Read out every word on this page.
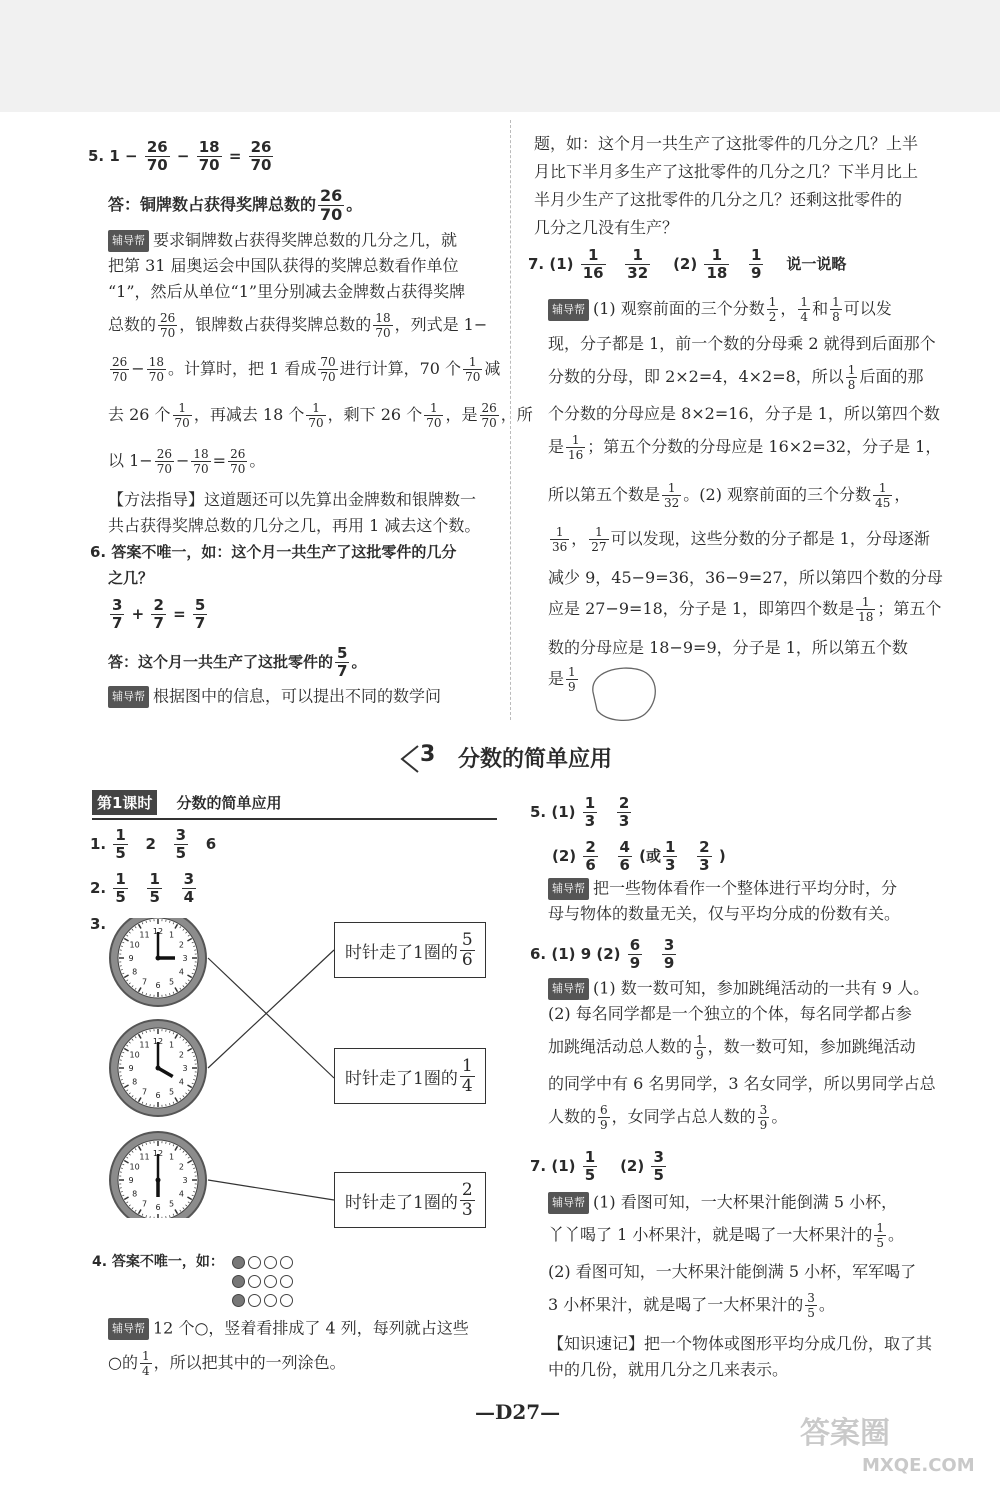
5. $1 - \frac{26}{70} - \frac{18}{70} = \frac{26}{70}$
答：铜牌数占获得奖牌总数的 $\frac{26}{70}$ 。
辅导帮 要求铜牌数占获得奖牌总数的几分之几，就
把第 31 届奥运会中国队获得的奖牌总数看作单位
“1”，然后从单位“1”里分别减去金牌数占获得奖牌
总数的 $\frac{26}{70}$ ，银牌数占获得奖牌总数的 $\frac{18}{70}$ ，列式是 1−
$\frac{26}{70} - \frac{18}{70}$ 。计算时，把 1 看成 $\frac{70}{70}$ 进行计算，70 个 $\frac{1}{70}$ 减
去 26 个 $\frac{1}{70}$ ，再减去 18 个 $\frac{1}{70}$ ，剩下 26 个 $\frac{1}{70}$ ，是 $\frac{26}{70}$ ，所
以 $1- \frac{26}{70} - \frac{18}{70} = \frac{26}{70}$ 。
【方法指导】这道题还可以先算出金牌数和银牌数一
共占获得奖牌总数的几分之几，再用 1 减去这个数。
6. 答案不唯一，如：这个月一共生产了这批零件的几分
之几？
$\frac{3}{7} + \frac{2}{7} = \frac{5}{7}$
答：这个月一共生产了这批零件的 $\frac{5}{7}$ 。
辅导帮 根据图中的信息，可以提出不同的数学问
题，如：这个月一共生产了这批零件的几分之几？上半
月比下半月多生产了这批零件的几分之几？下半月比上
半月少生产了这批零件的几分之几？还剩这批零件的
几分之几没有生产？
7. $(1) \frac{1}{16}$
$\frac{1}{32} (2) \frac{1}{18}$
$\frac{1}{9}$ 说一说略
辅导帮 (1) 观察前面的三个分数 $\frac{1}{2}$ ， $\frac{1}{4}$ 和 $\frac{1}{8}$ 可以发
现，分子都是 1，前一个数的分母乘 2 就得到后面那个
分数的分母，即 2×2=4，4×2=8，所以 $\frac{1}{8}$ 后面的那
个分数的分母应是 8×2=16，分子是 1，所以第四个数
是 $\frac{1}{16}$ ；第五个分数的分母应是 16×2=32，分子是 1，
所以第五个数是 $\frac{1}{32}$ 。(2) 观察前面的三个分数 $\frac{1}{45}$ ，
$\frac{1}{36}$ ， $\frac{1}{27}$ 可以发现，这些分数的分子都是 1，分母逐渐
减少 9，45−9=36，36−9=27，所以第四个数的分母
应是 27−9=18，分子是 1，即第四个数是 $\frac{1}{18}$ ；第五个
数的分母应是 18−9=9，分子是 1，所以第五个数
是 $\frac{1}{9}$
3 分数的简单应用
第1课时 分数的简单应用
1. $\frac{1}{5} 2 \frac{3}{5} 6$
2. $\frac{1}{5}$
$\frac{1}{5}$
$\frac{3}{4}$
3.
1
2
3
4
5
6
7
8
9
10
11 12
1
2
3
4
5
6
7
8
9
10
11 12
1
2
3
4
5
6
7
8
9
10
11 12
时针走了1圈的 $\frac{5}{6}$
时针走了1圈的 $\frac{1}{4}$
时针走了1圈的 $\frac{2}{3}$
4. 答案不唯一，如：
辅导帮 12 个○，竖着看排成了 4 列，每列就占这些
○的 $\frac{1}{4}$ ，所以把其中的一列涂色。
5. $(1) \frac{1}{3}$
$\frac{2}{3}$
$(2) \frac{2}{6}$
$\frac{4}{6}$ (或 $\frac{1}{3}$
$\frac{2}{3}$ )
辅导帮 把一些物体看作一个整体进行平均分时，分
母与物体的数量无关，仅与平均分成的份数有关。
6. (1) 9 $(2) \frac{6}{9}$
$\frac{3}{9}$
辅导帮 (1) 数一数可知，参加跳绳活动的一共有 9 人。
(2) 每名同学都是一个独立的个体，每名同学都占参
加跳绳活动总人数的 $\frac{1}{9}$ ，数一数可知，参加跳绳活动
的同学中有 6 名男同学，3 名女同学，所以男同学占总
人数的 $\frac{6}{9}$ ，女同学占总人数的 $\frac{3}{9}$ 。
7. $(1) \frac{1}{5} (2) \frac{3}{5}$
辅导帮 (1) 看图可知，一大杯果汁能倒满 5 小杯，
丫丫喝了 1 小杯果汁，就是喝了一大杯果汁的 $\frac{1}{5}$ 。
(2) 看图可知，一大杯果汁能倒满 5 小杯，军军喝了
3 小杯果汁，就是喝了一大杯果汁的 $\frac{3}{5}$ 。
【知识速记】把一个物体或图形平均分成几份，取了其
中的几份，就用几分之几来表示。
—D27—
答案圈
MXQE.COM
